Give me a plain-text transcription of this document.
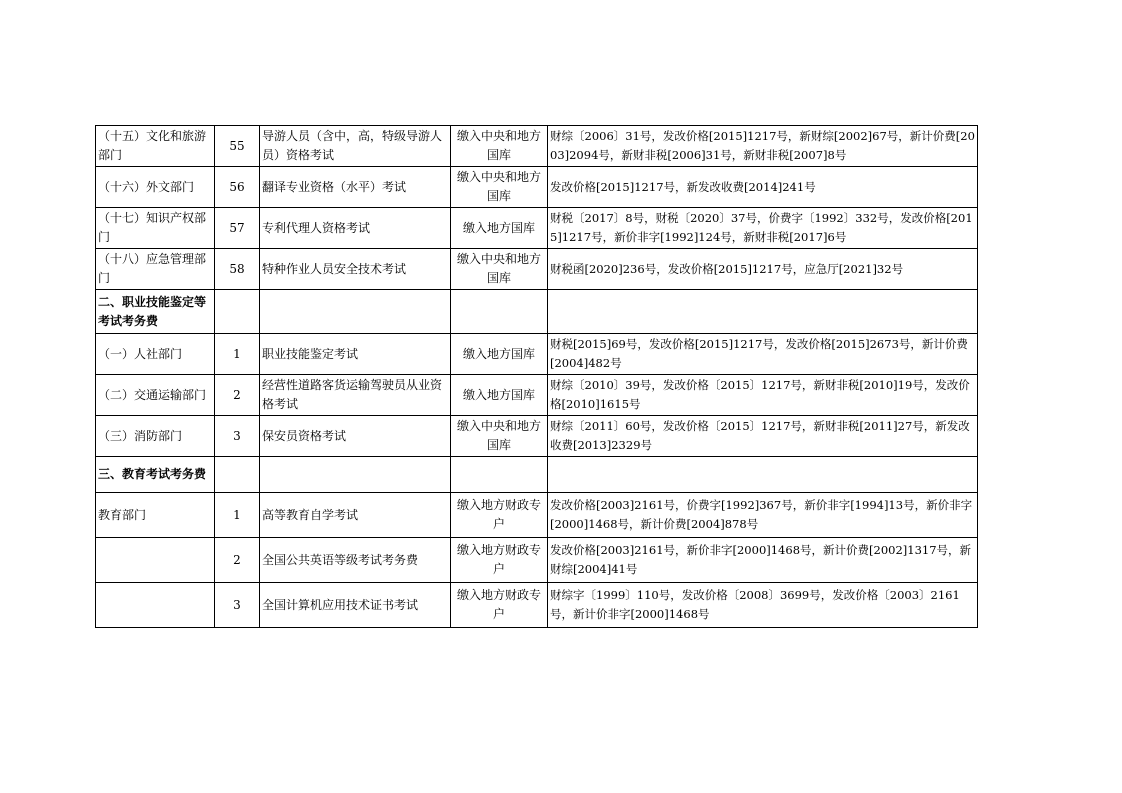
（十五）文化和旅游部门	55	导游人员（含中，高，特级导游人员）资格考试	缴入中央和地方国库	财综〔2006〕31号，发改价格[2015]1217号，新财综[2002]67号，新计价费[2003]2094号，新财非税[2006]31号，新财非税[2007]8号
（十六）外文部门	56	翻译专业资格（水平）考试	缴入中央和地方国库	发改价格[2015]1217号，新发改收费[2014]241号
（十七）知识产权部门	57	专利代理人资格考试	缴入地方国库	财税〔2017〕8号，财税〔2020〕37号，价费字〔1992〕332号，发改价格[2015]1217号，新价非字[1992]124号，新财非税[2017]6号
（十八）应急管理部门	58	特种作业人员安全技术考试	缴入中央和地方国库	财税函[2020]236号，发改价格[2015]1217号，应急厅[2021]32号
二、职业技能鉴定等考试考务费				
（一）人社部门	1	职业技能鉴定考试	缴入地方国库	财税[2015]69号，发改价格[2015]1217号，发改价格[2015]2673号，新计价费[2004]482号
（二）交通运输部门	2	经营性道路客货运输驾驶员从业资格考试	缴入地方国库	财综〔2010〕39号，发改价格〔2015〕1217号，新财非税[2010]19号，发改价格[2010]1615号
（三）消防部门	3	保安员资格考试	缴入中央和地方国库	财综〔2011〕60号，发改价格〔2015〕1217号，新财非税[2011]27号，新发改收费[2013]2329号
三、教育考试考务费				
教育部门	1	高等教育自学考试	缴入地方财政专户	发改价格[2003]2161号，价费字[1992]367号，新价非字[1994]13号，新价非字[2000]1468号，新计价费[2004]878号
	2	全国公共英语等级考试考务费	缴入地方财政专户	发改价格[2003]2161号，新价非字[2000]1468号，新计价费[2002]1317号，新财综[2004]41号
	3	全国计算机应用技术证书考试	缴入地方财政专户	财综字〔1999〕110号，发改价格〔2008〕3699号，发改价格〔2003〕2161号，新计价非字[2000]1468号
